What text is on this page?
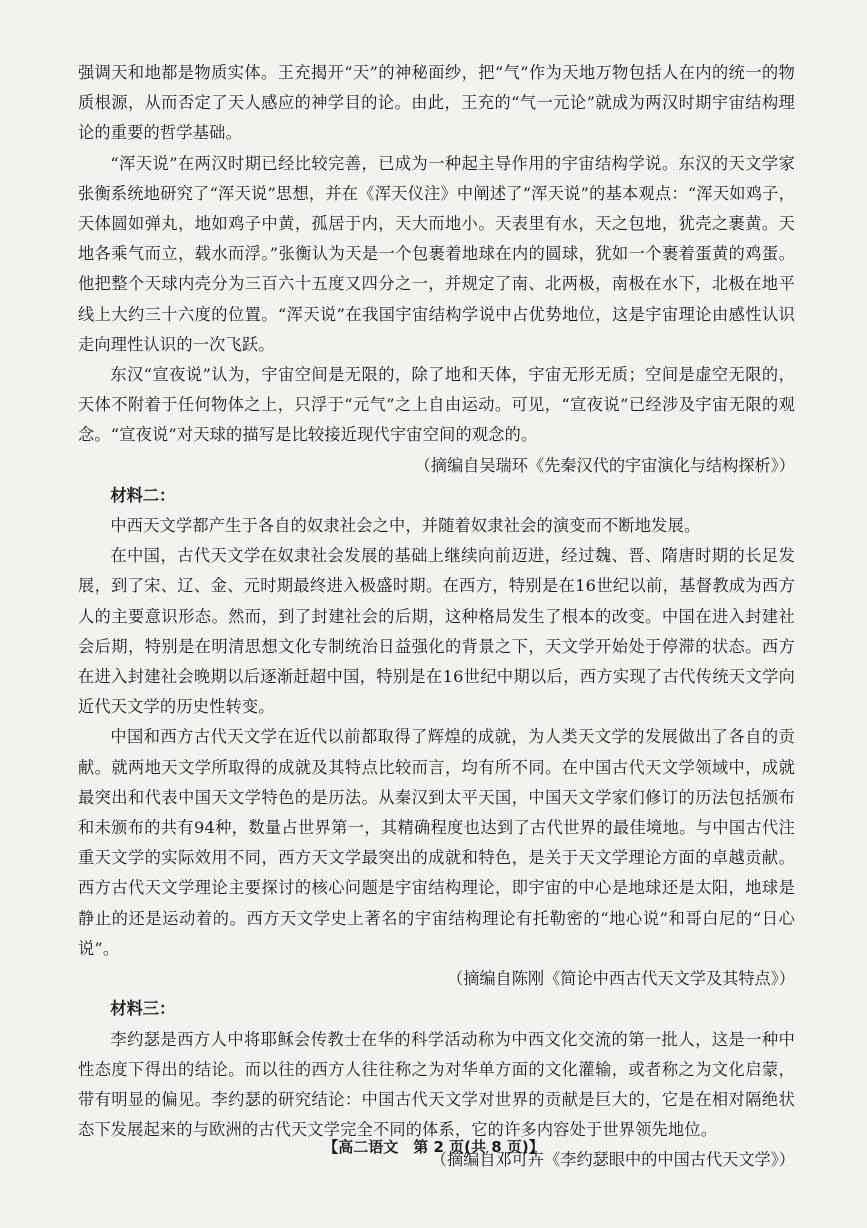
强调天和地都是物质实体。王充揭开“天”的神秘面纱，把“气”作为天地万物包括人在内的统一的物质根源，从而否定了天人感应的神学目的论。由此，王充的“气一元论”就成为两汉时期宇宙结构理论的重要的哲学基础。

“浑天说”在两汉时期已经比较完善，已成为一种起主导作用的宇宙结构学说。东汉的天文学家张衡系统地研究了“浑天说”思想，并在《浑天仪注》中阐述了“浑天说”的基本观点：“浑天如鸡子，天体圆如弹丸，地如鸡子中黄，孤居于内，天大而地小。天表里有水，天之包地，犹壳之裹黄。天地各乘气而立，载水而浮。”张衡认为天是一个包裹着地球在内的圆球，犹如一个裹着蛋黄的鸡蛋。他把整个天球内壳分为三百六十五度又四分之一，并规定了南、北两极，南极在水下，北极在地平线上大约三十六度的位置。“浑天说”在我国宇宙结构学说中占优势地位，这是宇宙理论由感性认识走向理性认识的一次飞跃。

东汉“宣夜说”认为，宇宙空间是无限的，除了地和天体，宇宙无形无质；空间是虚空无限的，天体不附着于任何物体之上，只浮于“元气”之上自由运动。可见，“宣夜说”已经涉及宇宙无限的观念。“宣夜说”对天球的描写是比较接近现代宇宙空间的观念的。

（摘编自吴瑞环《先秦汉代的宇宙演化与结构探析》）

材料二：

中西天文学都产生于各自的奴隶社会之中，并随着奴隶社会的演变而不断地发展。

在中国，古代天文学在奴隶社会发展的基础上继续向前迈进，经过魏、晋、隋唐时期的长足发展，到了宋、辽、金、元时期最终进入极盛时期。在西方，特别是在16世纪以前，基督教成为西方人的主要意识形态。然而，到了封建社会的后期，这种格局发生了根本的改变。中国在进入封建社会后期，特别是在明清思想文化专制统治日益强化的背景之下，天文学开始处于停滞的状态。西方在进入封建社会晚期以后逐渐赶超中国，特别是在16世纪中期以后，西方实现了古代传统天文学向近代天文学的历史性转变。

中国和西方古代天文学在近代以前都取得了辉煌的成就，为人类天文学的发展做出了各自的贡献。就两地天文学所取得的成就及其特点比较而言，均有所不同。在中国古代天文学领域中，成就最突出和代表中国天文学特色的是历法。从秦汉到太平天国，中国天文学家们修订的历法包括颁布和未颁布的共有94种，数量占世界第一，其精确程度也达到了古代世界的最佳境地。与中国古代注重天文学的实际效用不同，西方天文学最突出的成就和特色，是关于天文学理论方面的卓越贡献。西方古代天文学理论主要探讨的核心问题是宇宙结构理论，即宇宙的中心是地球还是太阳，地球是静止的还是运动着的。西方天文学史上著名的宇宙结构理论有托勒密的“地心说”和哥白尼的“日心说”。

（摘编自陈刚《简论中西古代天文学及其特点》）

材料三：

李约瑟是西方人中将耶稣会传教士在华的科学活动称为中西文化交流的第一批人，这是一种中性态度下得出的结论。而以往的西方人往往称之为对华单方面的文化灌输，或者称之为文化启蒙，带有明显的偏见。李约瑟的研究结论：中国古代天文学对世界的贡献是巨大的，它是在相对隔绝状态下发展起来的与欧洲的古代天文学完全不同的体系，它的许多内容处于世界领先地位。

（摘编自邓可卉《李约瑟眼中的中国古代天文学》）

【高二语文　第 2 页(共 8 页)】
